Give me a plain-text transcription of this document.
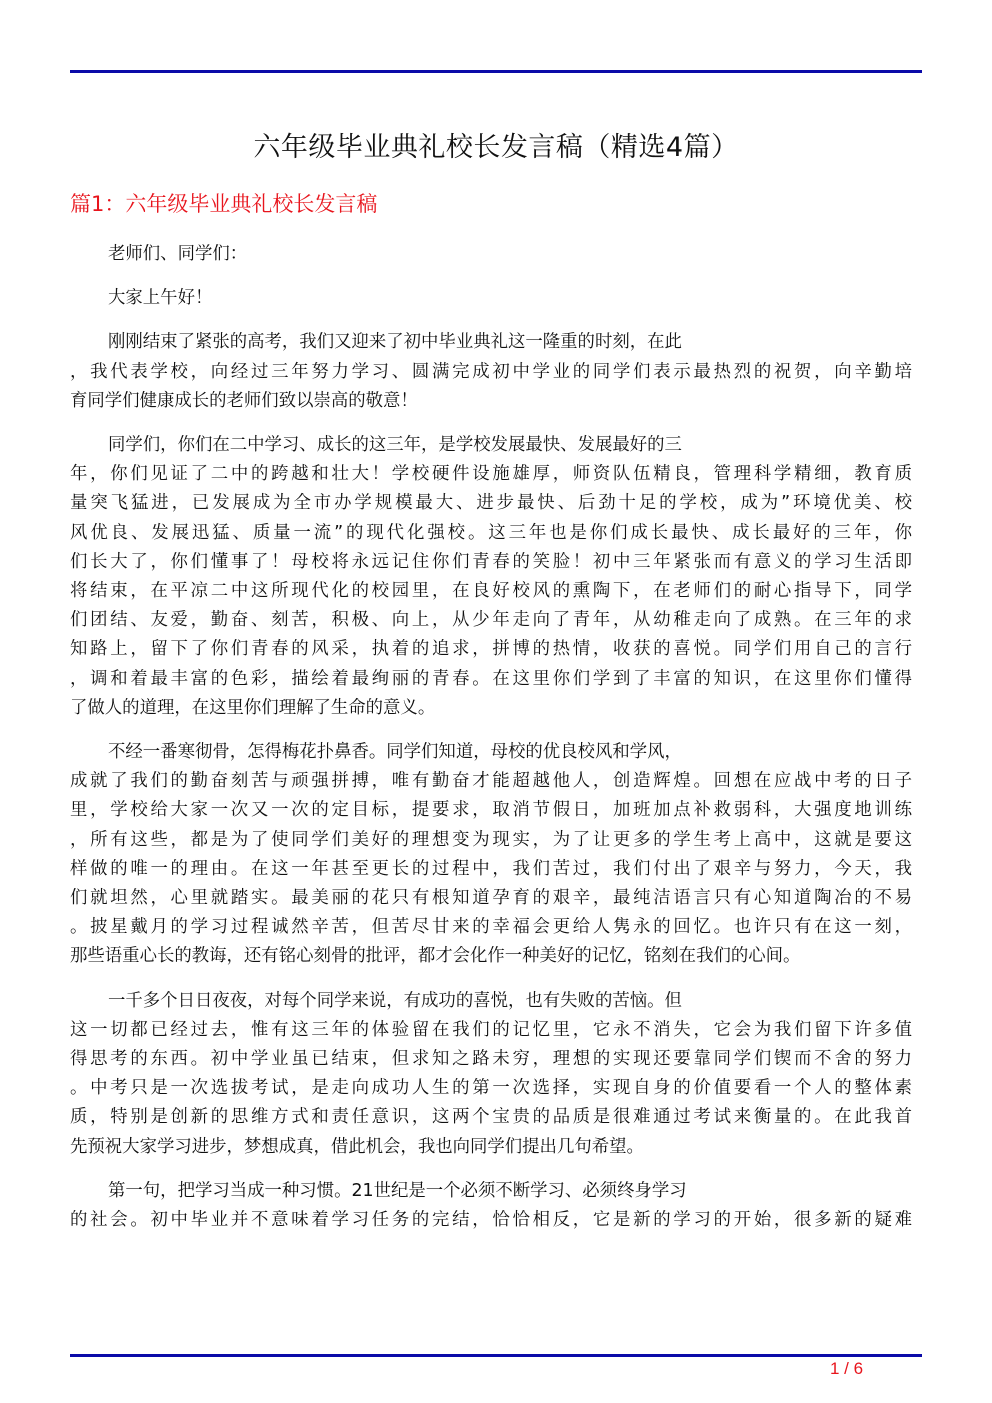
六年级毕业典礼校长发言稿（精选4篇）
篇1：六年级毕业典礼校长发言稿

老师们、同学们：

大家上午好！

刚刚结束了紧张的高考，我们又迎来了初中毕业典礼这一隆重的时刻，在此
，我代表学校，向经过三年努力学习、圆满完成初中学业的同学们表示最热烈的祝贺，向辛勤培
育同学们健康成长的老师们致以崇高的敬意！

同学们，你们在二中学习、成长的这三年，是学校发展最快、发展最好的三
年，你们见证了二中的跨越和壮大！学校硬件设施雄厚，师资队伍精良，管理科学精细，教育质
量突飞猛进，已发展成为全市办学规模最大、进步最快、后劲十足的学校，成为”环境优美、校
风优良、发展迅猛、质量一流”的现代化强校。这三年也是你们成长最快、成长最好的三年，你
们长大了，你们懂事了！母校将永远记住你们青春的笑脸！初中三年紧张而有意义的学习生活即
将结束，在平凉二中这所现代化的校园里，在良好校风的熏陶下，在老师们的耐心指导下，同学
们团结、友爱，勤奋、刻苦，积极、向上，从少年走向了青年，从幼稚走向了成熟。在三年的求
知路上，留下了你们青春的风采，执着的追求，拼博的热情，收获的喜悦。同学们用自己的言行
，调和着最丰富的色彩，描绘着最绚丽的青春。在这里你们学到了丰富的知识，在这里你们懂得
了做人的道理，在这里你们理解了生命的意义。

不经一番寒彻骨，怎得梅花扑鼻香。同学们知道，母校的优良校风和学风，
成就了我们的勤奋刻苦与顽强拼搏，唯有勤奋才能超越他人，创造辉煌。回想在应战中考的日子
里，学校给大家一次又一次的定目标，提要求，取消节假日，加班加点补救弱科，大强度地训练
，所有这些，都是为了使同学们美好的理想变为现实，为了让更多的学生考上高中，这就是要这
样做的唯一的理由。在这一年甚至更长的过程中，我们苦过，我们付出了艰辛与努力，今天，我
们就坦然，心里就踏实。最美丽的花只有根知道孕育的艰辛，最纯洁语言只有心知道陶冶的不易
。披星戴月的学习过程诚然辛苦，但苦尽甘来的幸福会更给人隽永的回忆。也许只有在这一刻，
那些语重心长的教诲，还有铭心刻骨的批评，都才会化作一种美好的记忆，铭刻在我们的心间。

一千多个日日夜夜，对每个同学来说，有成功的喜悦，也有失败的苦恼。但
这一切都已经过去，惟有这三年的体验留在我们的记忆里，它永不消失，它会为我们留下许多值
得思考的东西。初中学业虽已结束，但求知之路未穷，理想的实现还要靠同学们锲而不舍的努力
。中考只是一次选拔考试，是走向成功人生的第一次选择，实现自身的价值要看一个人的整体素
质，特别是创新的思维方式和责任意识，这两个宝贵的品质是很难通过考试来衡量的。在此我首
先预祝大家学习进步，梦想成真，借此机会，我也向同学们提出几句希望。

第一句，把学习当成一种习惯。21世纪是一个必须不断学习、必须终身学习
的社会。初中毕业并不意味着学习任务的完结，恰恰相反，它是新的学习的开始，很多新的疑难

1 / 6
